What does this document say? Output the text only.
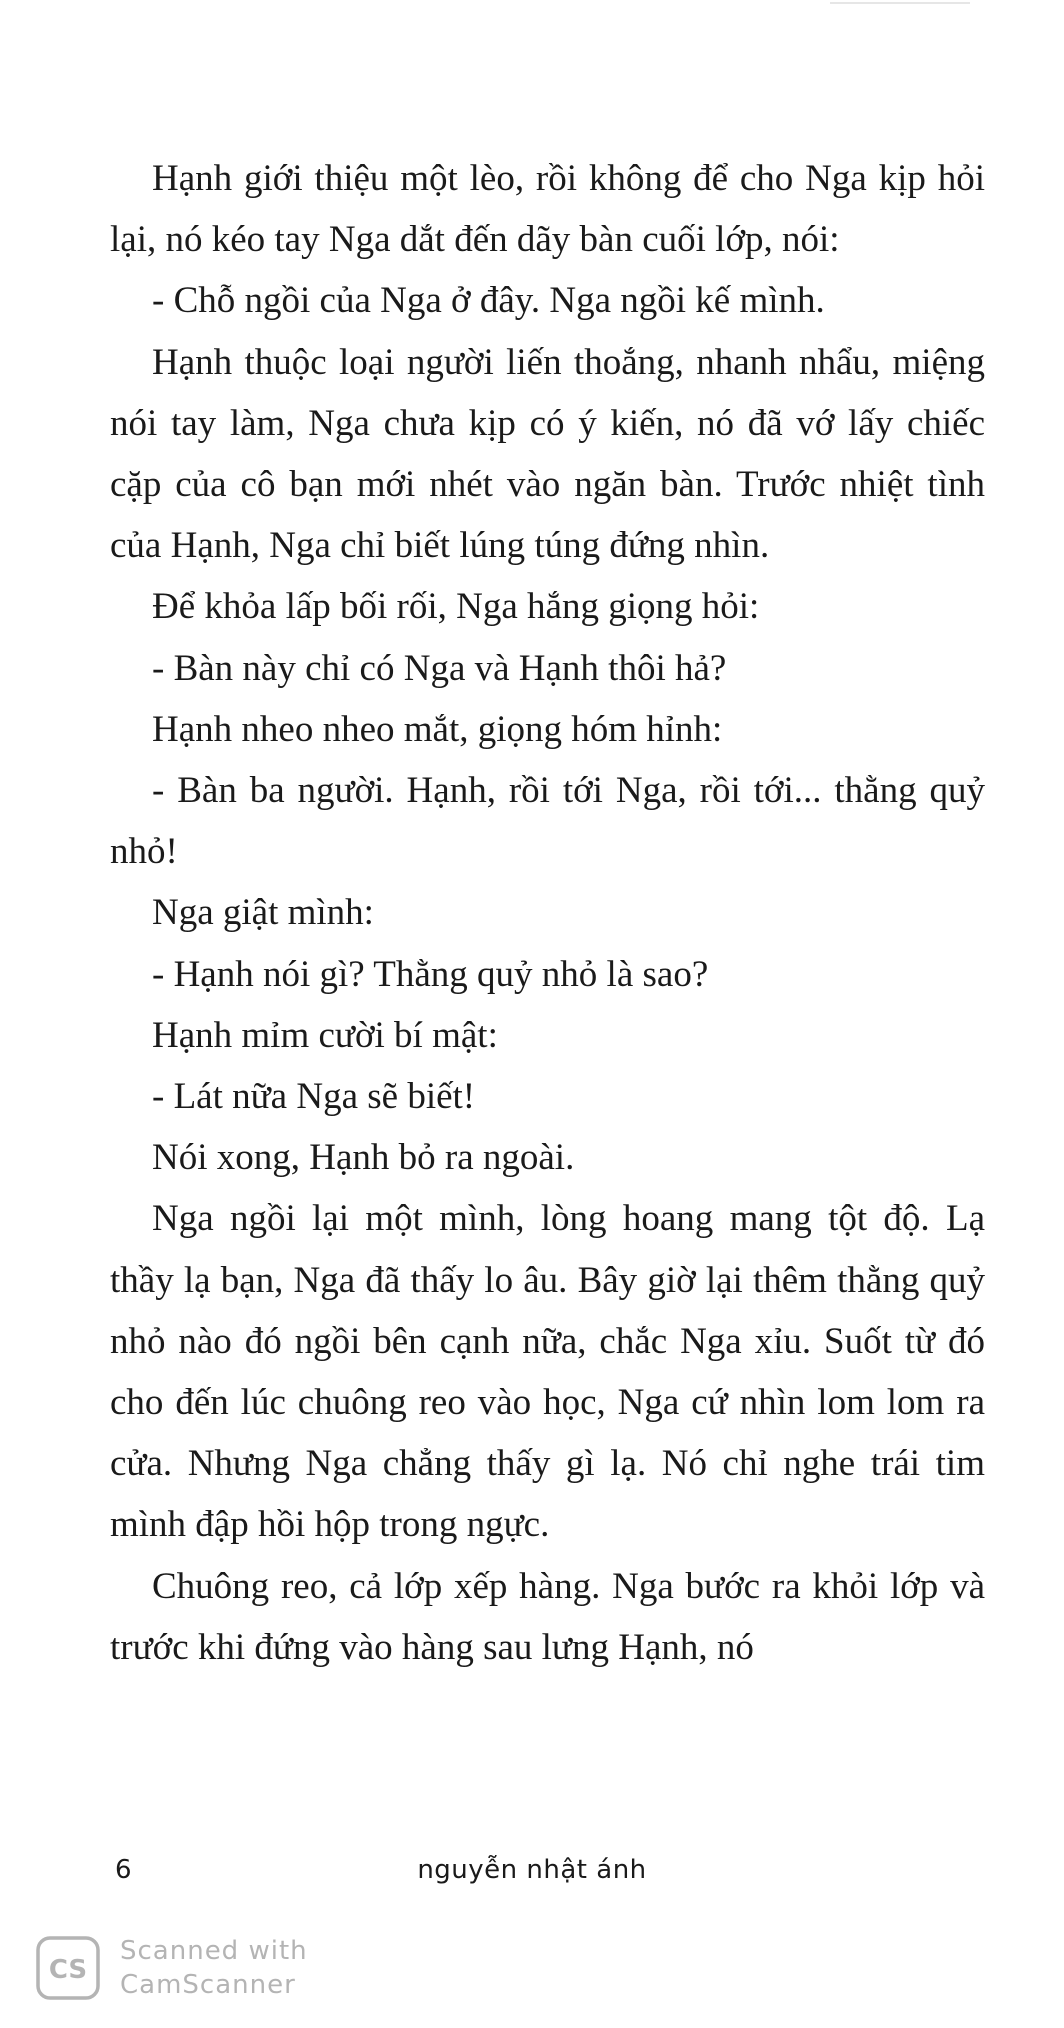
Hạnh giới thiệu một lèo, rồi không để cho Nga kịp hỏi lại, nó kéo tay Nga dắt đến dãy bàn cuối lớp, nói:

- Chỗ ngồi của Nga ở đây. Nga ngồi kế mình.

Hạnh thuộc loại người liến thoắng, nhanh nhẩu, miệng nói tay làm, Nga chưa kịp có ý kiến, nó đã vớ lấy chiếc cặp của cô bạn mới nhét vào ngăn bàn. Trước nhiệt tình của Hạnh, Nga chỉ biết lúng túng đứng nhìn.

Để khỏa lấp bối rối, Nga hắng giọng hỏi:

- Bàn này chỉ có Nga và Hạnh thôi hả?

Hạnh nheo nheo mắt, giọng hóm hỉnh:

- Bàn ba người. Hạnh, rồi tới Nga, rồi tới... thằng quỷ nhỏ!

Nga giật mình:

- Hạnh nói gì? Thằng quỷ nhỏ là sao?

Hạnh mỉm cười bí mật:

- Lát nữa Nga sẽ biết!

Nói xong, Hạnh bỏ ra ngoài.

Nga ngồi lại một mình, lòng hoang mang tột độ. Lạ thầy lạ bạn, Nga đã thấy lo âu. Bây giờ lại thêm thằng quỷ nhỏ nào đó ngồi bên cạnh nữa, chắc Nga xỉu. Suốt từ đó cho đến lúc chuông reo vào học, Nga cứ nhìn lom lom ra cửa. Nhưng Nga chẳng thấy gì lạ. Nó chỉ nghe trái tim mình đập hồi hộp trong ngực.

Chuông reo, cả lớp xếp hàng. Nga bước ra khỏi lớp và trước khi đứng vào hàng sau lưng Hạnh, nó

6	nguyễn nhật ánh
CS
Scanned with
CamScanner
